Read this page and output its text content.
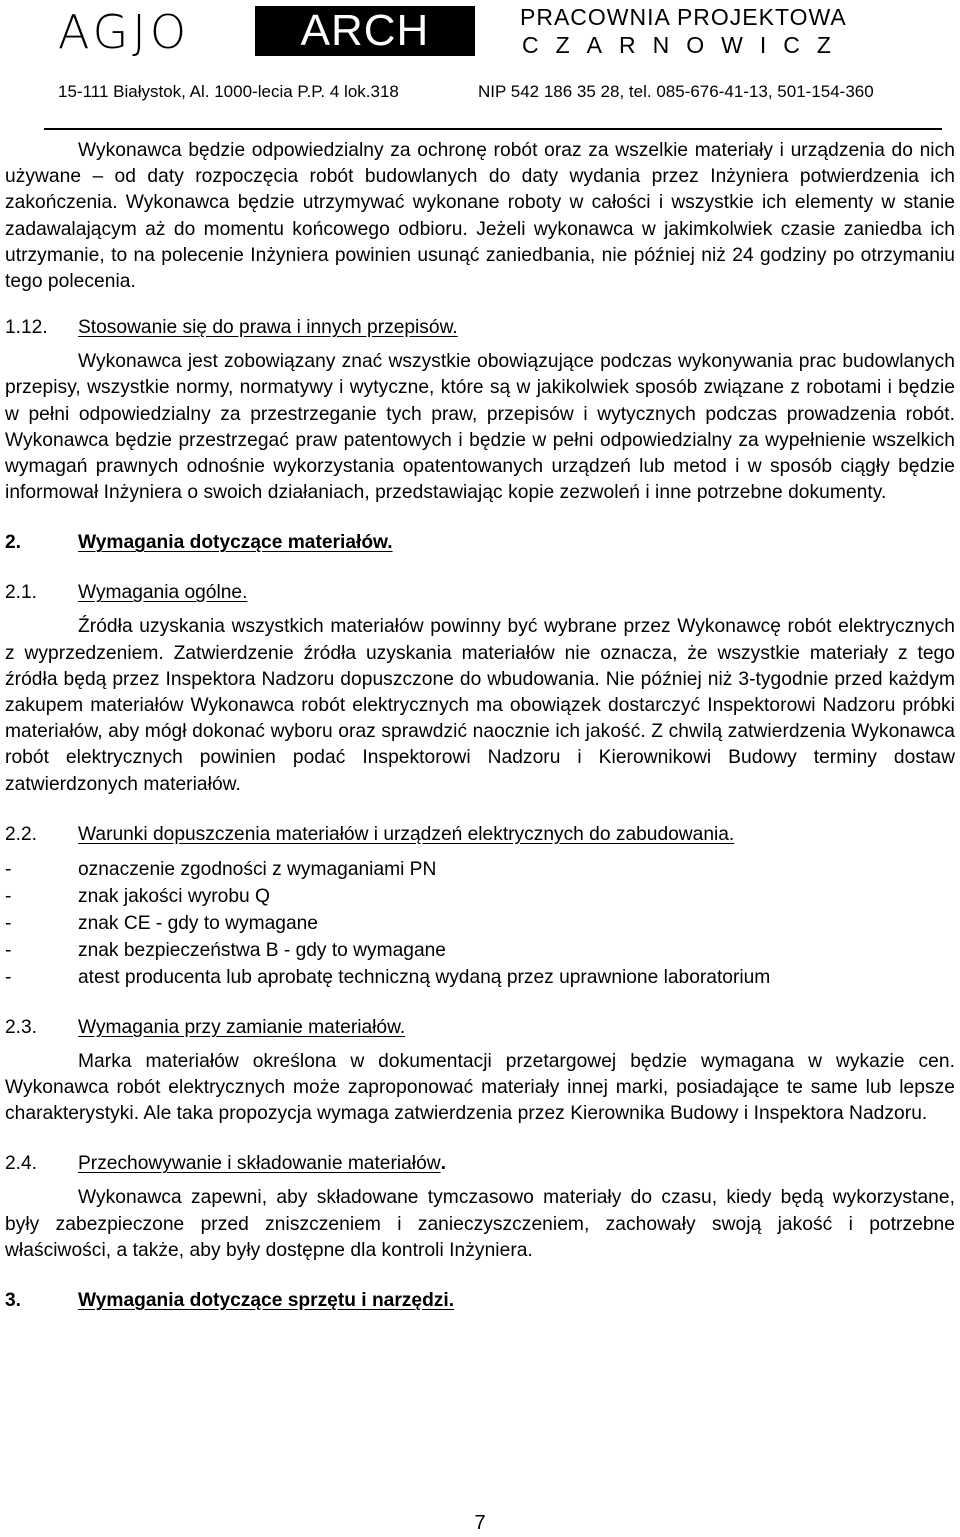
AGJO	ARCH	PRACOWNIA PROJEKTOWA
CZARNOWICZ
15-111 Białystok, Al. 1000-lecia P.P. 4 lok.318	NIP 542 186 35 28, tel. 085-676-41-13, 501-154-360

Wykonawca będzie odpowiedzialny za ochronę robót oraz za wszelkie materiały i urządzenia do nich używane – od daty rozpoczęcia robót budowlanych do daty wydania przez Inżyniera potwierdzenia ich zakończenia. Wykonawca będzie utrzymywać wykonane roboty w całości i wszystkie ich elementy w stanie zadawalającym aż do momentu końcowego odbioru. Jeżeli wykonawca w jakimkolwiek czasie zaniedba ich utrzymanie, to na polecenie Inżyniera powinien usunąć zaniedbania, nie później niż 24 godziny po otrzymaniu tego polecenia.

1.12.	Stosowanie się do prawa i innych przepisów.

Wykonawca jest zobowiązany znać wszystkie obowiązujące podczas wykonywania prac budowlanych przepisy, wszystkie normy, normatywy i wytyczne, które są w jakikolwiek sposób związane z robotami i będzie w pełni odpowiedzialny za przestrzeganie tych praw, przepisów i wytycznych podczas prowadzenia robót. Wykonawca będzie przestrzegać praw patentowych i będzie w pełni odpowiedzialny za wypełnienie wszelkich wymagań prawnych odnośnie wykorzystania opatentowanych urządzeń lub metod i w sposób ciągły będzie informował Inżyniera o swoich działaniach, przedstawiając kopie zezwoleń i inne potrzebne dokumenty.

2.	Wymagania dotyczące materiałów.
2.1.	Wymagania ogólne.

Źródła uzyskania wszystkich materiałów powinny być wybrane przez Wykonawcę robót elektrycznych z wyprzedzeniem. Zatwierdzenie źródła uzyskania materiałów nie oznacza, że wszystkie materiały z tego źródła będą przez Inspektora Nadzoru dopuszczone do wbudowania. Nie później niż 3-tygodnie przed każdym zakupem materiałów Wykonawca robót elektrycznych ma obowiązek dostarczyć Inspektorowi Nadzoru próbki materiałów, aby mógł dokonać wyboru oraz sprawdzić naocznie ich jakość. Z chwilą zatwierdzenia Wykonawca robót elektrycznych powinien podać Inspektorowi Nadzoru i Kierownikowi Budowy terminy dostaw zatwierdzonych materiałów.

2.2.	Warunki dopuszczenia materiałów i urządzeń elektrycznych do zabudowania.
-	oznaczenie zgodności z wymaganiami PN
-	znak jakości wyrobu Q
-	znak CE - gdy to wymagane
-	znak bezpieczeństwa B - gdy to wymagane
-	atest producenta lub aprobatę techniczną wydaną przez uprawnione laboratorium
2.3.	Wymagania przy zamianie materiałów.

Marka materiałów określona w dokumentacji przetargowej będzie wymagana w wykazie cen. Wykonawca robót elektrycznych może zaproponować materiały innej marki, posiadające te same lub lepsze charakterystyki. Ale taka propozycja wymaga zatwierdzenia przez Kierownika Budowy i Inspektora Nadzoru.

2.4.	Przechowywanie i składowanie materiałów.

Wykonawca zapewni, aby składowane tymczasowo materiały do czasu, kiedy będą wykorzystane, były zabezpieczone przed zniszczeniem i zanieczyszczeniem, zachowały swoją jakość i potrzebne właściwości, a także, aby były dostępne dla kontroli Inżyniera.

3.	Wymagania dotyczące sprzętu i narzędzi.
7
